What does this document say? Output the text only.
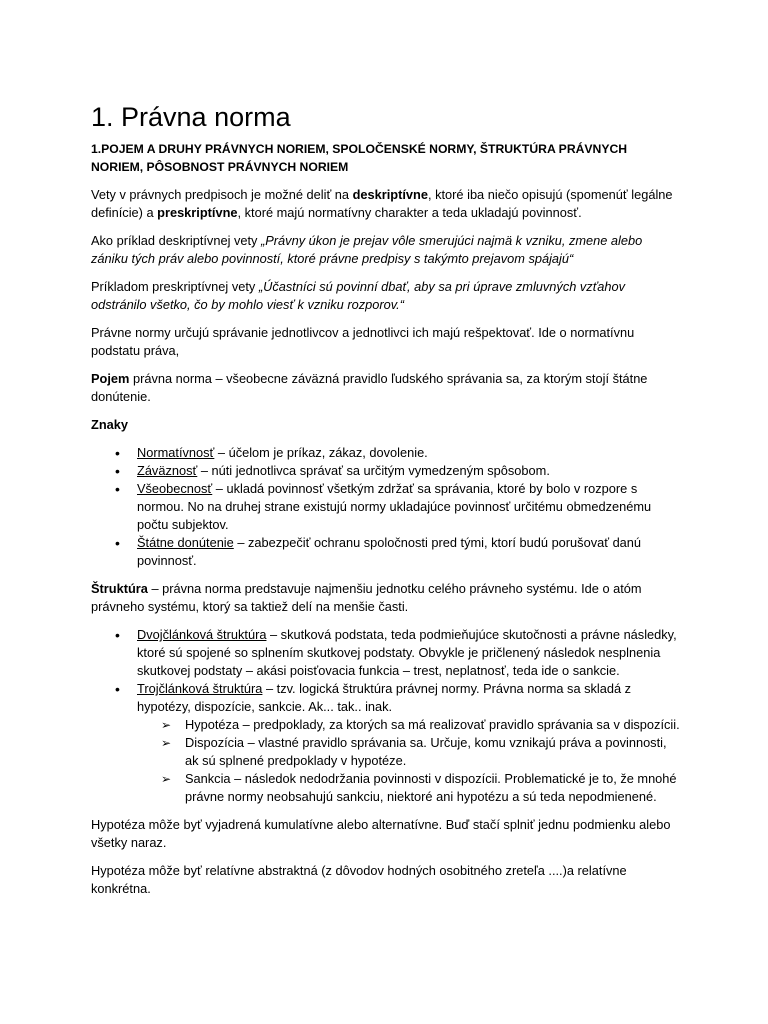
1. Právna norma
1.POJEM A DRUHY PRÁVNYCH NORIEM, SPOLOČENSKÉ NORMY, ŠTRUKTÚRA PRÁVNYCH NORIEM, PÔSOBNOST PRÁVNYCH NORIEM

Vety v právnych predpisoch je možné deliť na deskriptívne, ktoré iba niečo opisujú (spomenúť legálne definície) a preskriptívne, ktoré majú normatívny charakter a teda ukladajú povinnosť.

Ako príklad deskriptívnej vety „Právny úkon je prejav vôle smerujúci najmä k vzniku, zmene alebo zániku tých práv alebo povinností, ktoré právne predpisy s takýmto prejavom spájajú“

Príkladom preskriptívnej vety „Účastníci sú povinní dbať, aby sa pri úprave zmluvných vzťahov odstránilo všetko, čo by mohlo viesť k vzniku rozporov.“

Právne normy určujú správanie jednotlivcov a jednotlivci ich majú rešpektovať. Ide o normatívnu podstatu práva,

Pojem právna norma – všeobecne záväzná pravidlo ľudského správania sa, za ktorým stojí štátne donútenie.

Znaky

• Normatívnosť – účelom je príkaz, zákaz, dovolenie.
• Záväznosť – núti jednotlivca správať sa určitým vymedzeným spôsobom.
• Všeobecnosť – ukladá povinnosť všetkým zdržať sa správania, ktoré by bolo v rozpore s normou. No na druhej strane existujú normy ukladajúce povinnosť určitému obmedzenému počtu subjektov.
• Štátne donútenie – zabezpečiť ochranu spoločnosti pred tými, ktorí budú porušovať danú povinnosť.

Štruktúra – právna norma predstavuje najmenšiu jednotku celého právneho systému. Ide o atóm právneho systému, ktorý sa taktiež delí na menšie časti.

• Dvojčlánková štruktúra – skutková podstata, teda podmieňujúce skutočnosti a právne následky, ktoré sú spojené so splnením skutkovej podstaty. Obvykle je pričlenený následok nesplnenia skutkovej podstaty – akási poisťovacia funkcia – trest, neplatnosť, teda ide o sankcie.
• Trojčlánková štruktúra – tzv. logická štruktúra právnej normy. Právna norma sa skladá z hypotézy, dispozície, sankcie. Ak... tak.. inak.
➢ Hypotéza – predpoklady, za ktorých sa má realizovať pravidlo správania sa v dispozícii.
➢ Dispozícia – vlastné pravidlo správania sa. Určuje, komu vznikajú práva a povinnosti, ak sú splnené predpoklady v hypotéze.
➢ Sankcia – následok nedodržania povinnosti v dispozícii. Problematické je to, že mnohé právne normy neobsahujú sankciu, niektoré ani hypotézu a sú teda nepodmienené.

Hypotéza môže byť vyjadrená kumulatívne alebo alternatívne. Buď stačí splniť jednu podmienku alebo všetky naraz.

Hypotéza môže byť relatívne abstraktná (z dôvodov hodných osobitného zreteľa ....)a relatívne konkrétna.
